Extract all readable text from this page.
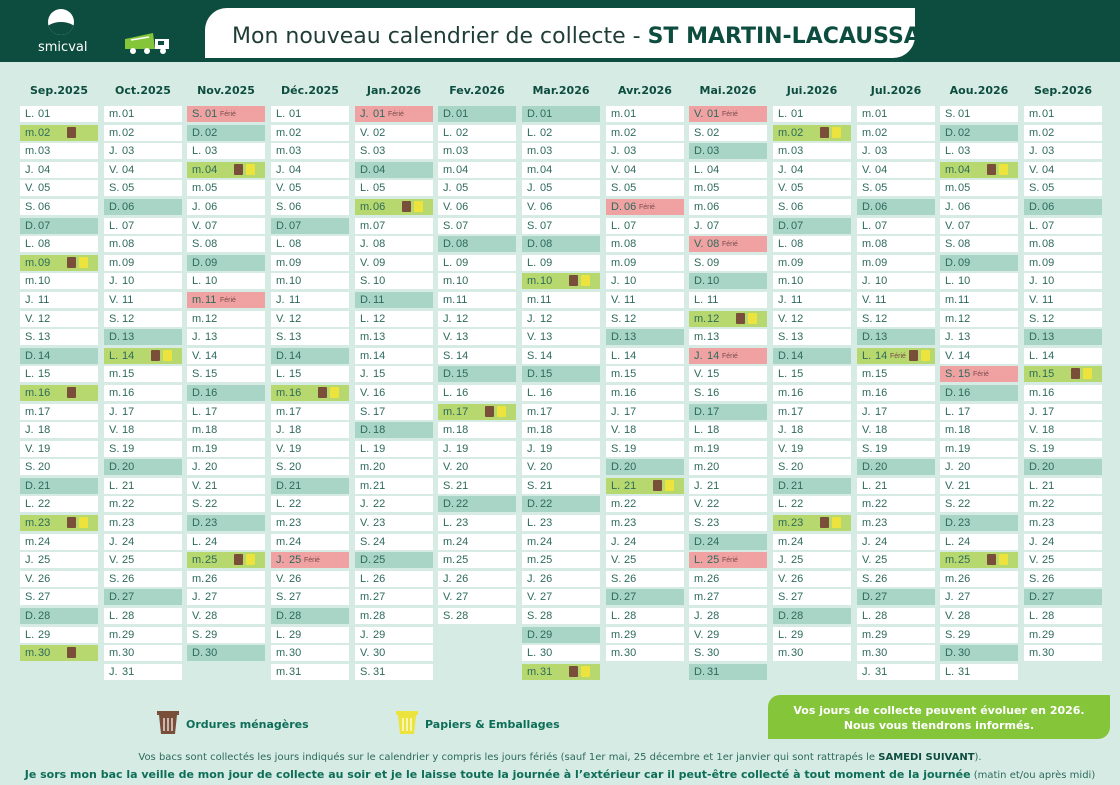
smicval	Mon nouveau calendrier de collecte - ST MARTIN-LACAUSSADE
Sep.2025
L. 01
m. 02
m. 03
J. 04
V. 05
S. 06
D. 07
L. 08
m. 09
m. 10
J. 11
V. 12
S. 13
D. 14
L. 15
m. 16
m. 17
J. 18
V. 19
S. 20
D. 21
L. 22
m. 23
m. 24
J. 25
V. 26
S. 27
D. 28
L. 29
m. 30
Oct.2025
m. 01
m. 02
J. 03
V. 04
S. 05
D. 06
L. 07
m. 08
m. 09
J. 10
V. 11
S. 12
D. 13
L. 14
m. 15
m. 16
J. 17
V. 18
S. 19
D. 20
L. 21
m. 22
m. 23
J. 24
V. 25
S. 26
D. 27
L. 28
m. 29
m. 30
J. 31
Nov.2025
S. 01 Férié
D. 02
L. 03
m. 04
m. 05
J. 06
V. 07
S. 08
D. 09
L. 10
m. 11 Férié
m. 12
J. 13
V. 14
S. 15
D. 16
L. 17
m. 18
m. 19
J. 20
V. 21
S. 22
D. 23
L. 24
m. 25
m. 26
J. 27
V. 28
S. 29
D. 30
Déc.2025
L. 01
m. 02
m. 03
J. 04
V. 05
S. 06
D. 07
L. 08
m. 09
m. 10
J. 11
V. 12
S. 13
D. 14
L. 15
m. 16
m. 17
J. 18
V. 19
S. 20
D. 21
L. 22
m. 23
m. 24
J. 25 Férié
V. 26
S. 27
D. 28
L. 29
m. 30
m. 31
Jan.2026
J. 01 Férié
V. 02
S. 03
D. 04
L. 05
m. 06
m. 07
J. 08
V. 09
S. 10
D. 11
L. 12
m. 13
m. 14
J. 15
V. 16
S. 17
D. 18
L. 19
m. 20
m. 21
J. 22
V. 23
S. 24
D. 25
L. 26
m. 27
m. 28
J. 29
V. 30
S. 31
Fev.2026
D. 01
L. 02
m. 03
m. 04
J. 05
V. 06
S. 07
D. 08
L. 09
m. 10
m. 11
J. 12
V. 13
S. 14
D. 15
L. 16
m. 17
m. 18
J. 19
V. 20
S. 21
D. 22
L. 23
m. 24
m. 25
J. 26
V. 27
S. 28
Mar.2026
D. 01
L. 02
m. 03
m. 04
J. 05
V. 06
S. 07
D. 08
L. 09
m. 10
m. 11
J. 12
V. 13
S. 14
D. 15
L. 16
m. 17
m. 18
J. 19
V. 20
S. 21
D. 22
L. 23
m. 24
m. 25
J. 26
V. 27
S. 28
D. 29
L. 30
m. 31
Avr.2026
m. 01
m. 02
J. 03
V. 04
S. 05
D. 06 Férié
L. 07
m. 08
m. 09
J. 10
V. 11
S. 12
D. 13
L. 14
m. 15
m. 16
J. 17
V. 18
S. 19
D. 20
L. 21
m. 22
m. 23
J. 24
V. 25
S. 26
D. 27
L. 28
m. 29
m. 30
Mai.2026
V. 01 Férié
S. 02
D. 03
L. 04
m. 05
m. 06
J. 07
V. 08 Férié
S. 09
D. 10
L. 11
m. 12
m. 13
J. 14 Férié
V. 15
S. 16
D. 17
L. 18
m. 19
m. 20
J. 21
V. 22
S. 23
D. 24
L. 25 Férié
m. 26
m. 27
J. 28
V. 29
S. 30
D. 31
Jui.2026
L. 01
m. 02
m. 03
J. 04
V. 05
S. 06
D. 07
L. 08
m. 09
m. 10
J. 11
V. 12
S. 13
D. 14
L. 15
m. 16
m. 17
J. 18
V. 19
S. 20
D. 21
L. 22
m. 23
m. 24
J. 25
V. 26
S. 27
D. 28
L. 29
m. 30
Jul.2026
m. 01
m. 02
J. 03
V. 04
S. 05
D. 06
L. 07
m. 08
m. 09
J. 10
V. 11
S. 12
D. 13
L. 14 Férié
m. 15
m. 16
J. 17
V. 18
S. 19
D. 20
L. 21
m. 22
m. 23
J. 24
V. 25
S. 26
D. 27
L. 28
m. 29
m. 30
J. 31
Aou.2026
S. 01
D. 02
L. 03
m. 04
m. 05
J. 06
V. 07
S. 08
D. 09
L. 10
m. 11
m. 12
J. 13
V. 14
S. 15 Férié
D. 16
L. 17
m. 18
m. 19
J. 20
V. 21
S. 22
D. 23
L. 24
m. 25
m. 26
J. 27
V. 28
S. 29
D. 30
L. 31
Sep.2026
m. 01
m. 02
J. 03
V. 04
S. 05
D. 06
L. 07
m. 08
m. 09
J. 10
V. 11
S. 12
D. 13
L. 14
m. 15
m. 16
J. 17
V. 18
S. 19
D. 20
L. 21
m. 22
m. 23
J. 24
V. 25
S. 26
D. 27
L. 28
m. 29
m. 30
Ordures ménagères	Papiers & Emballages
Vos jours de collecte peuvent évoluer en 2026.
Nous vous tiendrons informés.
Vos bacs sont collectés les jours indiqués sur le calendrier y compris les jours fériés (sauf 1er mai, 25 décembre et 1er janvier qui sont rattrapés le SAMEDI SUIVANT).
Je sors mon bac la veille de mon jour de collecte au soir et je le laisse toute la journée à l’extérieur car il peut-être collecté à tout moment de la journée (matin et/ou après midi)
